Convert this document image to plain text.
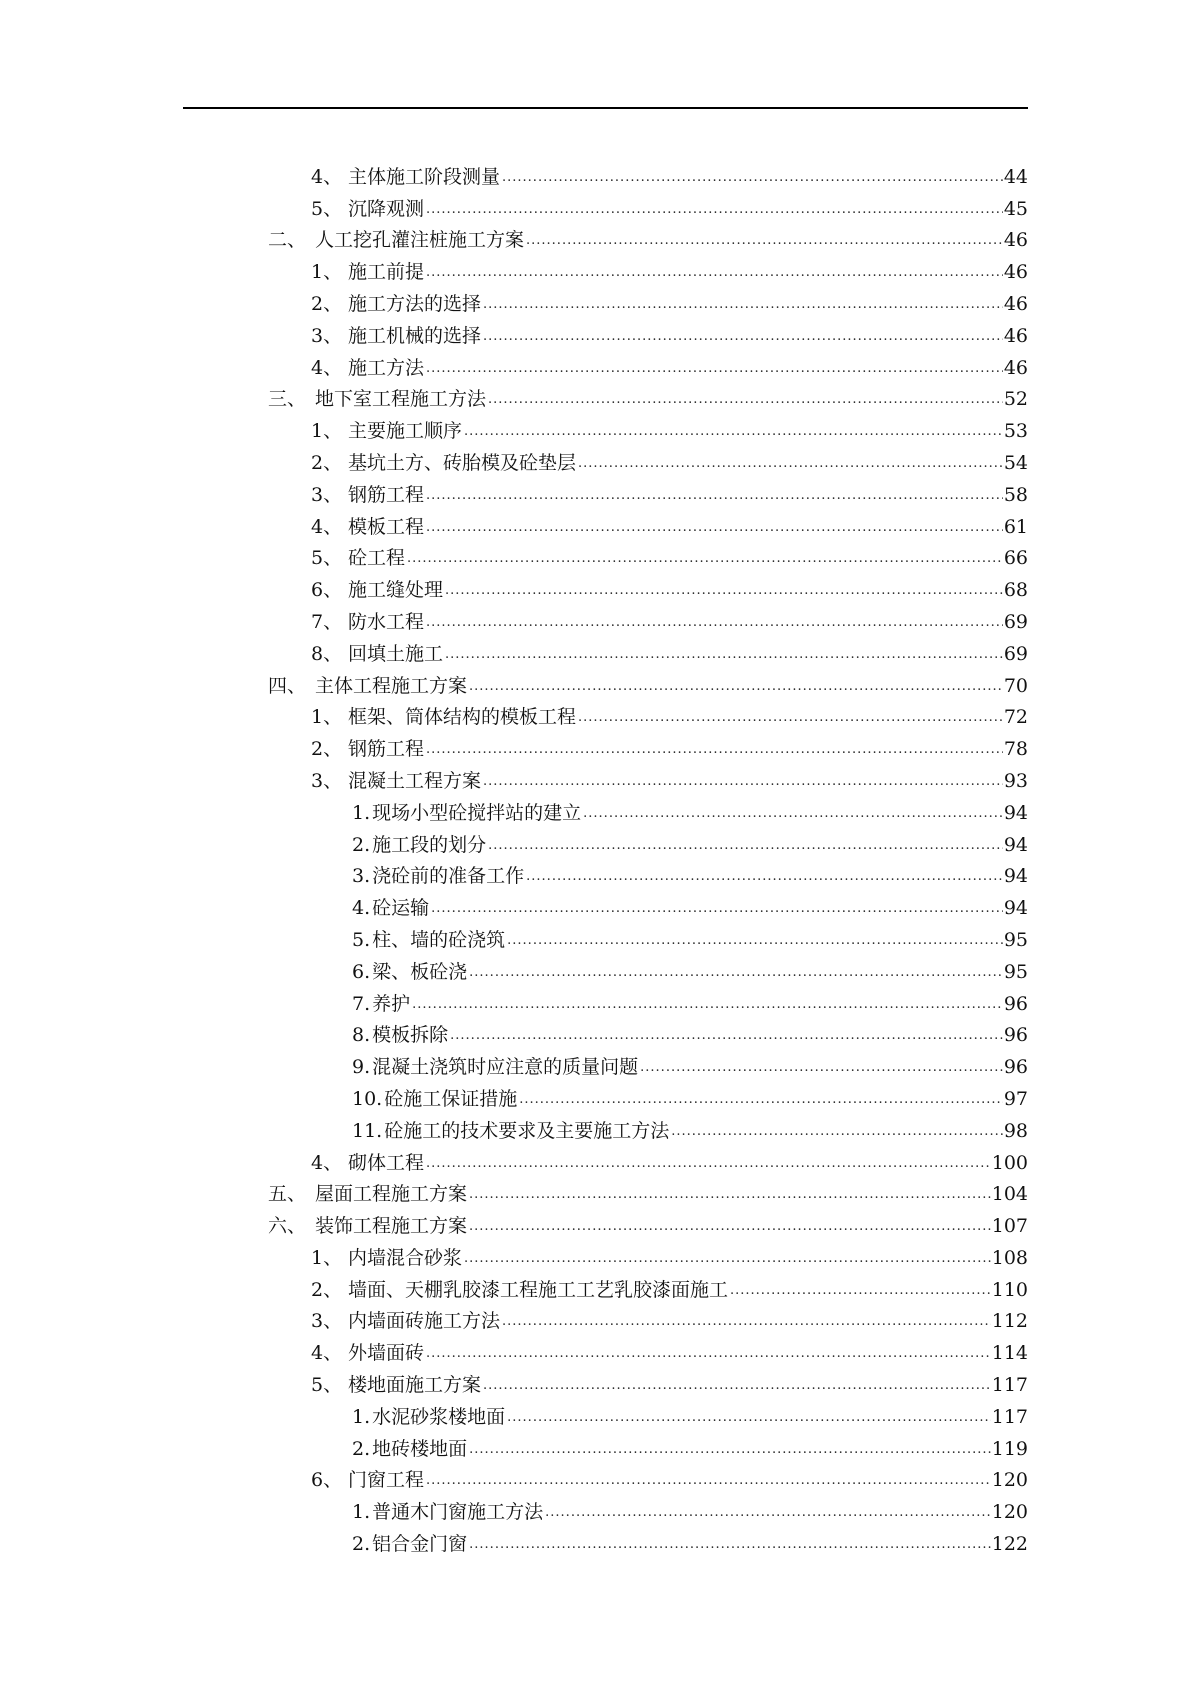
4、 主体施工阶段测量 .....	44
5、 沉降观测 .....	45
二、 人工挖孔灌注桩施工方案 .....	46
1、 施工前提 .....	46
2、 施工方法的选择 .....	46
3、 施工机械的选择 .....	46
4、 施工方法 .....	46
三、 地下室工程施工方法 .....	52
1、 主要施工顺序 .....	53
2、 基坑土方、砖胎模及砼垫层 .....	54
3、 钢筋工程 .....	58
4、 模板工程 .....	61
5、 砼工程 .....	66
6、 施工缝处理 .....	68
7、 防水工程 .....	69
8、 回填土施工 .....	69
四、 主体工程施工方案 .....	70
1、 框架、筒体结构的模板工程 .....	72
2、 钢筋工程 .....	78
3、 混凝土工程方案 .....	93
1. 现场小型砼搅拌站的建立 .....	94
2. 施工段的划分 .....	94
3. 浇砼前的准备工作 .....	94
4. 砼运输 .....	94
5. 柱、墙的砼浇筑 .....	95
6. 梁、板砼浇 .....	95
7. 养护 .....	96
8. 模板拆除 .....	96
9. 混凝土浇筑时应注意的质量问题 .....	96
10. 砼施工保证措施 .....	97
11. 砼施工的技术要求及主要施工方法 .....	98
4、 砌体工程 .....	100
五、 屋面工程施工方案 .....	104
六、 装饰工程施工方案 .....	107
1、 内墙混合砂浆 .....	108
2、 墙面、天棚乳胶漆工程施工工艺乳胶漆面施工 .....	110
3、 内墙面砖施工方法 .....	112
4、 外墙面砖 .....	114
5、 楼地面施工方案 .....	117
1. 水泥砂浆楼地面 .....	117
2. 地砖楼地面 .....	119
6、 门窗工程 .....	120
1. 普通木门窗施工方法 .....	120
2. 铝合金门窗 .....	122
